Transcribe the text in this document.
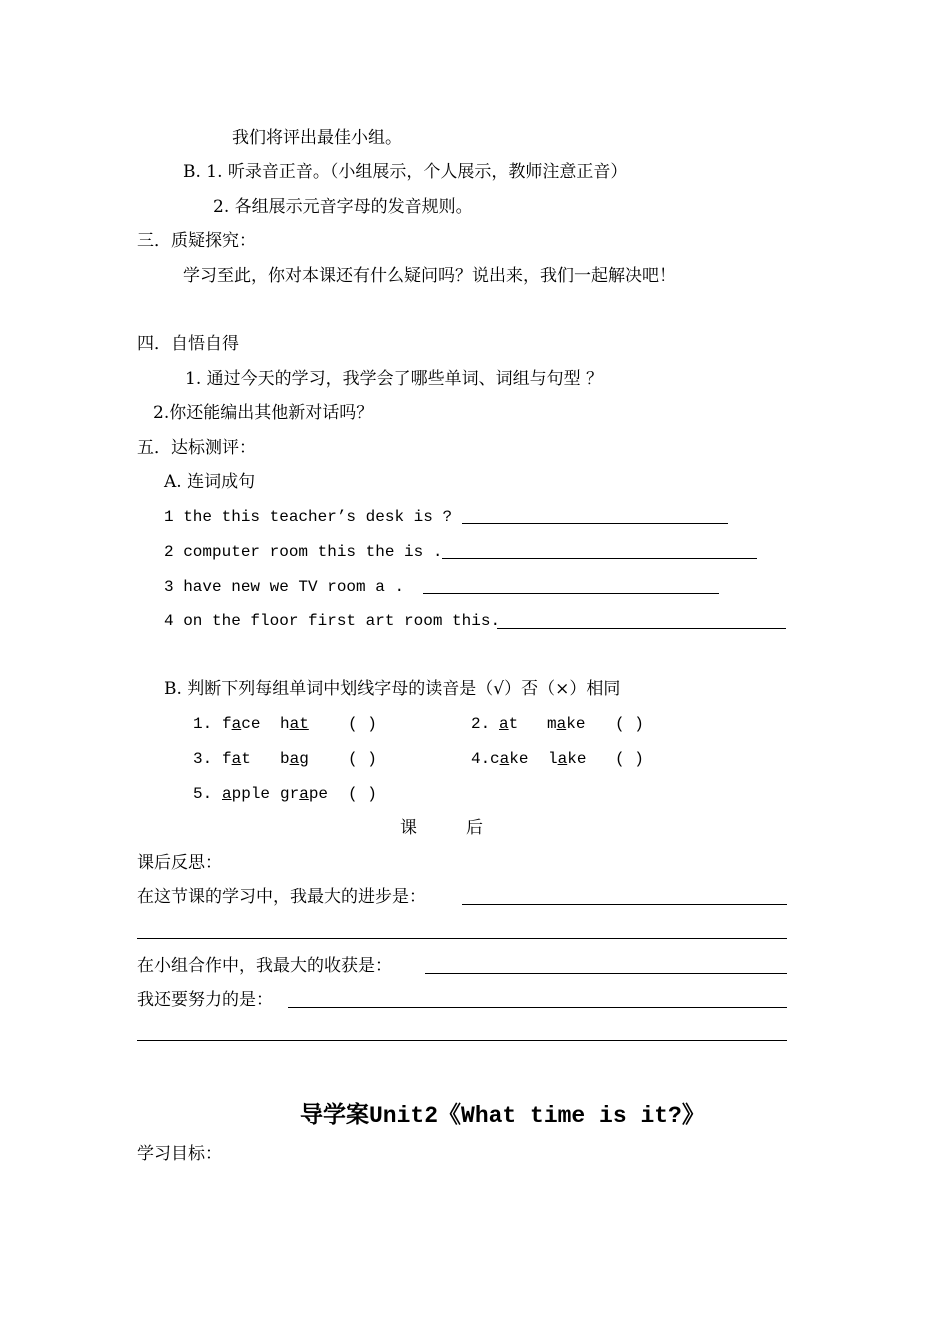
我们将评出最佳小组。
B. 1. 听录音正音。（小组展示，个人展示，教师注意正音）
2. 各组展示元音字母的发音规则。
三．质疑探究：
学习至此，你对本课还有什么疑问吗？说出来，我们一起解决吧！
四．自悟自得
1. 通过今天的学习，我学会了哪些单词、词组与句型 ？
2.你还能编出其他新对话吗？
五．达标测评：
A. 连词成句
1 the this teacher’s desk is ?
2 computer room this the is .
3 have new we TV room a .
4 on the floor first art room this.
B. 判断下列每组单词中划线字母的读音是（√）否（×）相同
1. face hat ( )	2. at make ( )
3. fat bag ( )	4. cake lake ( )
5. apple grape ( )
课	后
课后反思：
在这节课的学习中，我最大的进步是：
在小组合作中，我最大的收获是：
我还要努力的是：
导学案Unit2《What time is it?》
学习目标：
